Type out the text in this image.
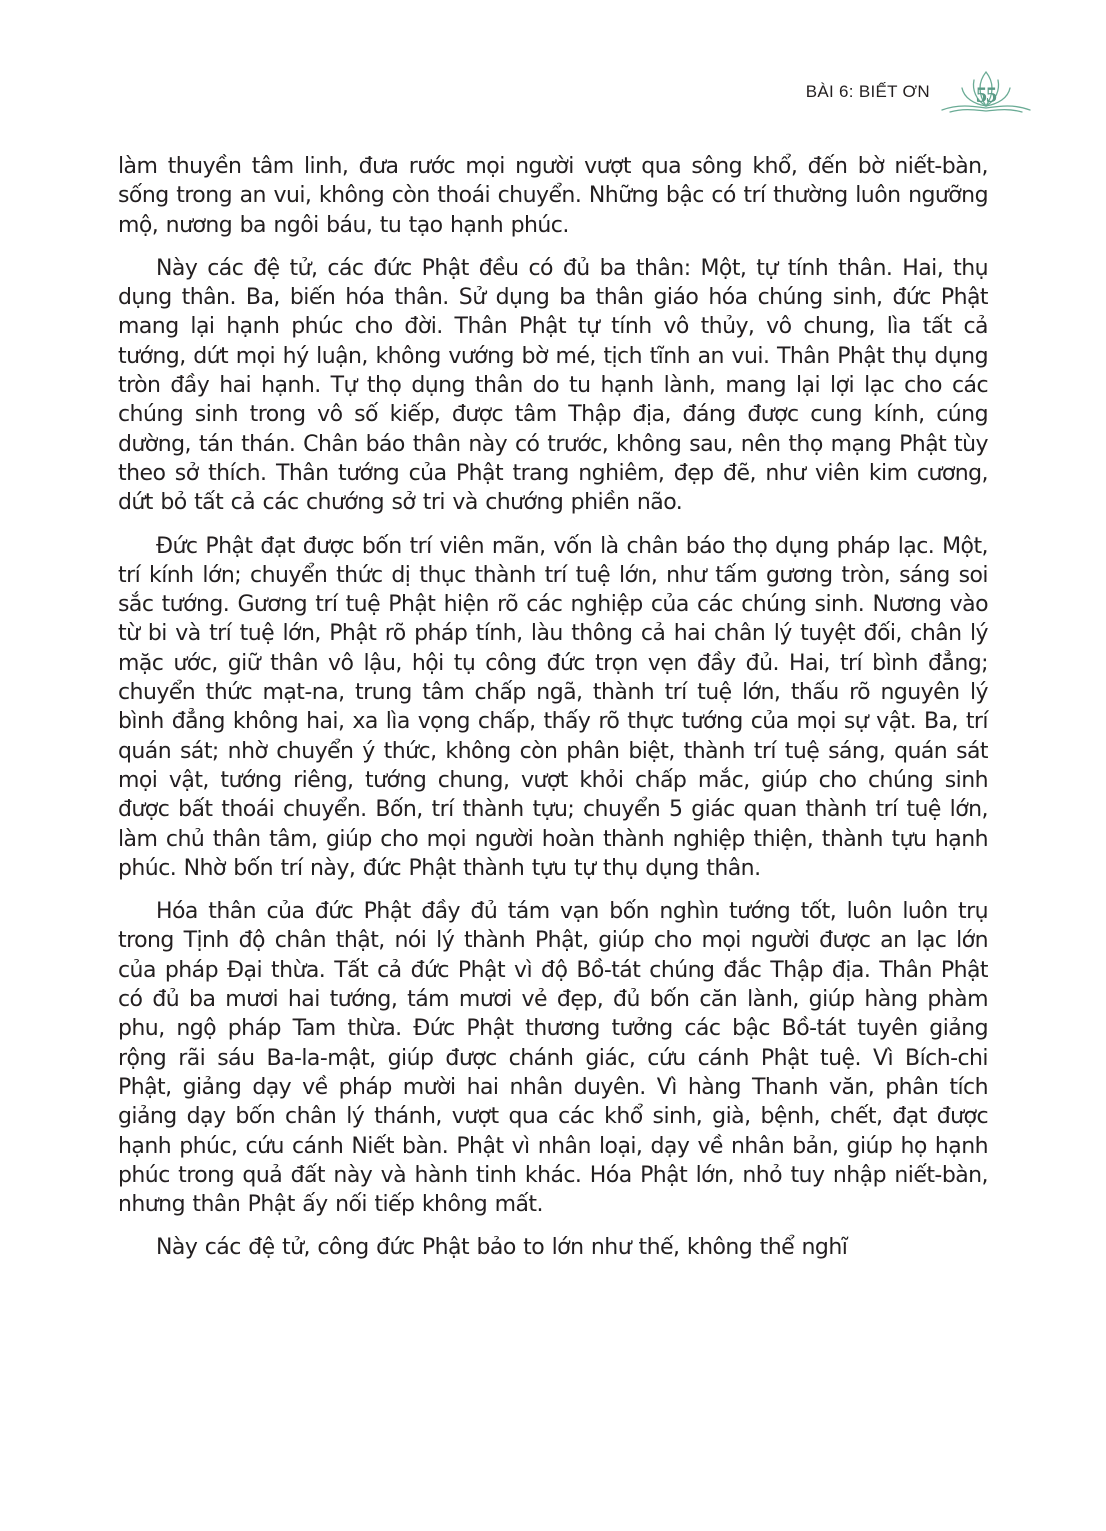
BÀI 6: BIẾT ƠN	55

làm thuyền tâm linh, đưa rước mọi người vượt qua sông khổ, đến bờ niết-bàn, sống trong an vui, không còn thoái chuyển. Những bậc có trí thường luôn ngưỡng mộ, nương ba ngôi báu, tu tạo hạnh phúc.

Này các đệ tử, các đức Phật đều có đủ ba thân: Một, tự tính thân. Hai, thụ dụng thân. Ba, biến hóa thân. Sử dụng ba thân giáo hóa chúng sinh, đức Phật mang lại hạnh phúc cho đời. Thân Phật tự tính vô thủy, vô chung, lìa tất cả tướng, dứt mọi hý luận, không vướng bờ mé, tịch tĩnh an vui. Thân Phật thụ dụng tròn đầy hai hạnh. Tự thọ dụng thân do tu hạnh lành, mang lại lợi lạc cho các chúng sinh trong vô số kiếp, được tâm Thập địa, đáng được cung kính, cúng dường, tán thán. Chân báo thân này có trước, không sau, nên thọ mạng Phật tùy theo sở thích. Thân tướng của Phật trang nghiêm, đẹp đẽ, như viên kim cương, dứt bỏ tất cả các chướng sở tri và chướng phiền não.

Đức Phật đạt được bốn trí viên mãn, vốn là chân báo thọ dụng pháp lạc. Một, trí kính lớn; chuyển thức dị thục thành trí tuệ lớn, như tấm gương tròn, sáng soi sắc tướng. Gương trí tuệ Phật hiện rõ các nghiệp của các chúng sinh. Nương vào từ bi và trí tuệ lớn, Phật rõ pháp tính, làu thông cả hai chân lý tuyệt đối, chân lý mặc ước, giữ thân vô lậu, hội tụ công đức trọn vẹn đầy đủ. Hai, trí bình đẳng; chuyển thức mạt-na, trung tâm chấp ngã, thành trí tuệ lớn, thấu rõ nguyên lý bình đẳng không hai, xa lìa vọng chấp, thấy rõ thực tướng của mọi sự vật. Ba, trí quán sát; nhờ chuyển ý thức, không còn phân biệt, thành trí tuệ sáng, quán sát mọi vật, tướng riêng, tướng chung, vượt khỏi chấp mắc, giúp cho chúng sinh được bất thoái chuyển. Bốn, trí thành tựu; chuyển 5 giác quan thành trí tuệ lớn, làm chủ thân tâm, giúp cho mọi người hoàn thành nghiệp thiện, thành tựu hạnh phúc. Nhờ bốn trí này, đức Phật thành tựu tự thụ dụng thân.

Hóa thân của đức Phật đầy đủ tám vạn bốn nghìn tướng tốt, luôn luôn trụ trong Tịnh độ chân thật, nói lý thành Phật, giúp cho mọi người được an lạc lớn của pháp Đại thừa. Tất cả đức Phật vì độ Bồ-tát chúng đắc Thập địa. Thân Phật có đủ ba mươi hai tướng, tám mươi vẻ đẹp, đủ bốn căn lành, giúp hàng phàm phu, ngộ pháp Tam thừa. Đức Phật thương tưởng các bậc Bồ-tát tuyên giảng rộng rãi sáu Ba-la-mật, giúp được chánh giác, cứu cánh Phật tuệ. Vì Bích-chi Phật, giảng dạy về pháp mười hai nhân duyên. Vì hàng Thanh văn, phân tích giảng dạy bốn chân lý thánh, vượt qua các khổ sinh, già, bệnh, chết, đạt được hạnh phúc, cứu cánh Niết bàn. Phật vì nhân loại, dạy về nhân bản, giúp họ hạnh phúc trong quả đất này và hành tinh khác. Hóa Phật lớn, nhỏ tuy nhập niết-bàn, nhưng thân Phật ấy nối tiếp không mất.

Này các đệ tử, công đức Phật bảo to lớn như thế, không thể nghĩ
